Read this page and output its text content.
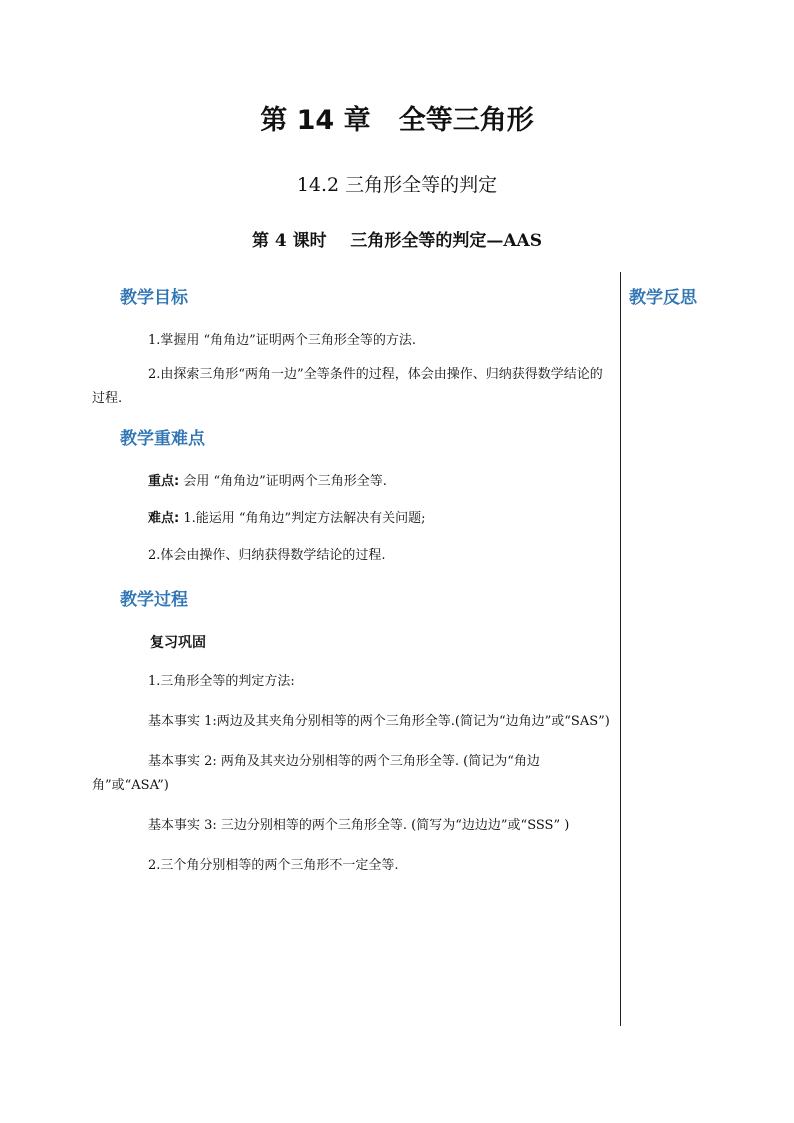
第 14 章   全等三角形
14.2 三角形全等的判定
第 4 课时    三角形全等的判定—AAS
教学反思
教学目标
1.掌握用 “角角边”证明两个三角形全等的方法.
2.由探索三角形“两角一边”全等条件的过程，体会由操作、归纳获得数学结论的过程.
教学重难点
重点: 会用 “角角边”证明两个三角形全等.
难点: 1.能运用 “角角边”判定方法解决有关问题;
2.体会由操作、归纳获得数学结论的过程.
教学过程
复习巩固
1.三角形全等的判定方法:
基本事实 1:两边及其夹角分别相等的两个三角形全等.(简记为“边角边”或“SAS”)
基本事实 2: 两角及其夹边分别相等的两个三角形全等. (简记为“角边角”或“ASA”)
基本事实 3: 三边分别相等的两个三角形全等. (简写为“边边边”或“SSS” )
2.三个角分别相等的两个三角形不一定全等.
